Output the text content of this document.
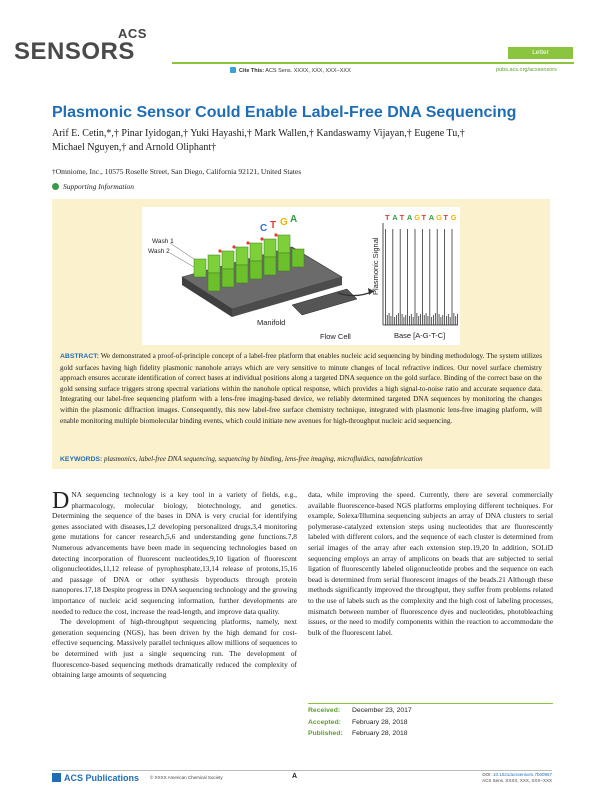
ACS
SENSORS	Letter
Cite This: ACS Sens. XXXX, XXX, XXX−XXX	pubs.acs.org/acssensors
Plasmonic Sensor Could Enable Label-Free DNA Sequencing
Arif E. Cetin,*,† Pinar Iyidogan,† Yuki Hayashi,† Mark Wallen,† Kandaswamy Vijayan,† Eugene Tu,†
Michael Nguyen,† and Arnold Oliphant†
†Omniome, Inc., 10575 Roselle Street, San Diego, California 92121, United States
Supporting Information
Wash 1
Wash 2
Manifold
Flow Cell
C T G A	T A T A G T A G T G
Plasmonic Signal
Base [A-G-T-C]
ABSTRACT: We demonstrated a proof-of-principle concept of a label-free platform that enables nucleic acid sequencing by binding methodology. The system utilizes gold surfaces having high fidelity plasmonic nanohole arrays which are very sensitive to minute changes of local refractive indices. Our novel surface chemistry approach ensures accurate identification of correct bases at individual positions along a targeted DNA sequence on the gold surface. Binding of the correct base on the gold sensing surface triggers strong spectral variations within the nanohole optical response, which provides a high signal-to-noise ratio and accurate sequence data. Integrating our label-free sequencing platform with a lens-free imaging-based device, we reliably determined targeted DNA sequences by monitoring the changes within the plasmonic diffraction images. Consequently, this new label-free surface chemistry technique, integrated with plasmonic lens-free imaging platform, will enable monitoring multiple biomolecular binding events, which could initiate new avenues for high-throughput nucleic acid sequencing.
KEYWORDS: plasmonics, label-free DNA sequencing, sequencing by binding, lens-free imaging, microfluidics, nanofabrication

DNA sequencing technology is a key tool in a variety of fields, e.g., pharmacology, molecular biology, biotechnology, and genetics. Determining the sequence of the bases in DNA is very crucial for identifying genes associated with diseases,1,2 developing personalized drugs,3,4 monitoring gene mutations for cancer research,5,6 and understanding gene functions.7,8 Numerous advancements have been made in sequencing technologies based on detecting incorporation of fluorescent nucleotides,9,10 ligation of fluorescent oligonucleotides,11,12 release of pyrophosphate,13,14 release of protons,15,16 and passage of DNA or other synthesis byproducts through protein nanopores.17,18 Despite progress in DNA sequencing technology and the growing importance of nucleic acid sequencing information, further developments are needed to reduce the cost, increase the read-length, and improve data quality.

The development of high-throughput sequencing platforms, namely, next generation sequencing (NGS), has been driven by the high demand for cost-effective sequencing. Massively parallel techniques allow millions of sequences to be determined with just a single sequencing run. The development of fluorescence-based sequencing methods dramatically reduced the complexity of obtaining large amounts of sequencing

data, while improving the speed. Currently, there are several commercially available fluorescence-based NGS platforms employing different techniques. For example, Solexa/Illumina sequencing subjects an array of DNA clusters to serial polymerase-catalyzed extension steps using nucleotides that are fluorescently labeled with different colors, and the sequence of each cluster is determined from serial images of the array after each extension step.19,20 In addition, SOLiD sequencing employs an array of amplicons on beads that are subjected to serial ligation of fluorescently labeled oligonucleotide probes and the sequence on each bead is determined from serial fluorescent images of the beads.21 Although these methods significantly improved the throughput, they suffer from problems related to the use of labels such as the complexity and the high cost of labeling processes, mismatch between number of fluorescence dyes and nucleotides, photobleaching issues, or the need to modify components within the reaction to accommodate the bulk of the fluorescent label.

Received: December 23, 2017
Accepted: February 28, 2018
Published: February 28, 2018
ACS Publications © XXXX American Chemical Society	A	DOI: 10.1021/acssensors.7b00957
ACS Sens. XXXX, XXX, XXX−XXX
